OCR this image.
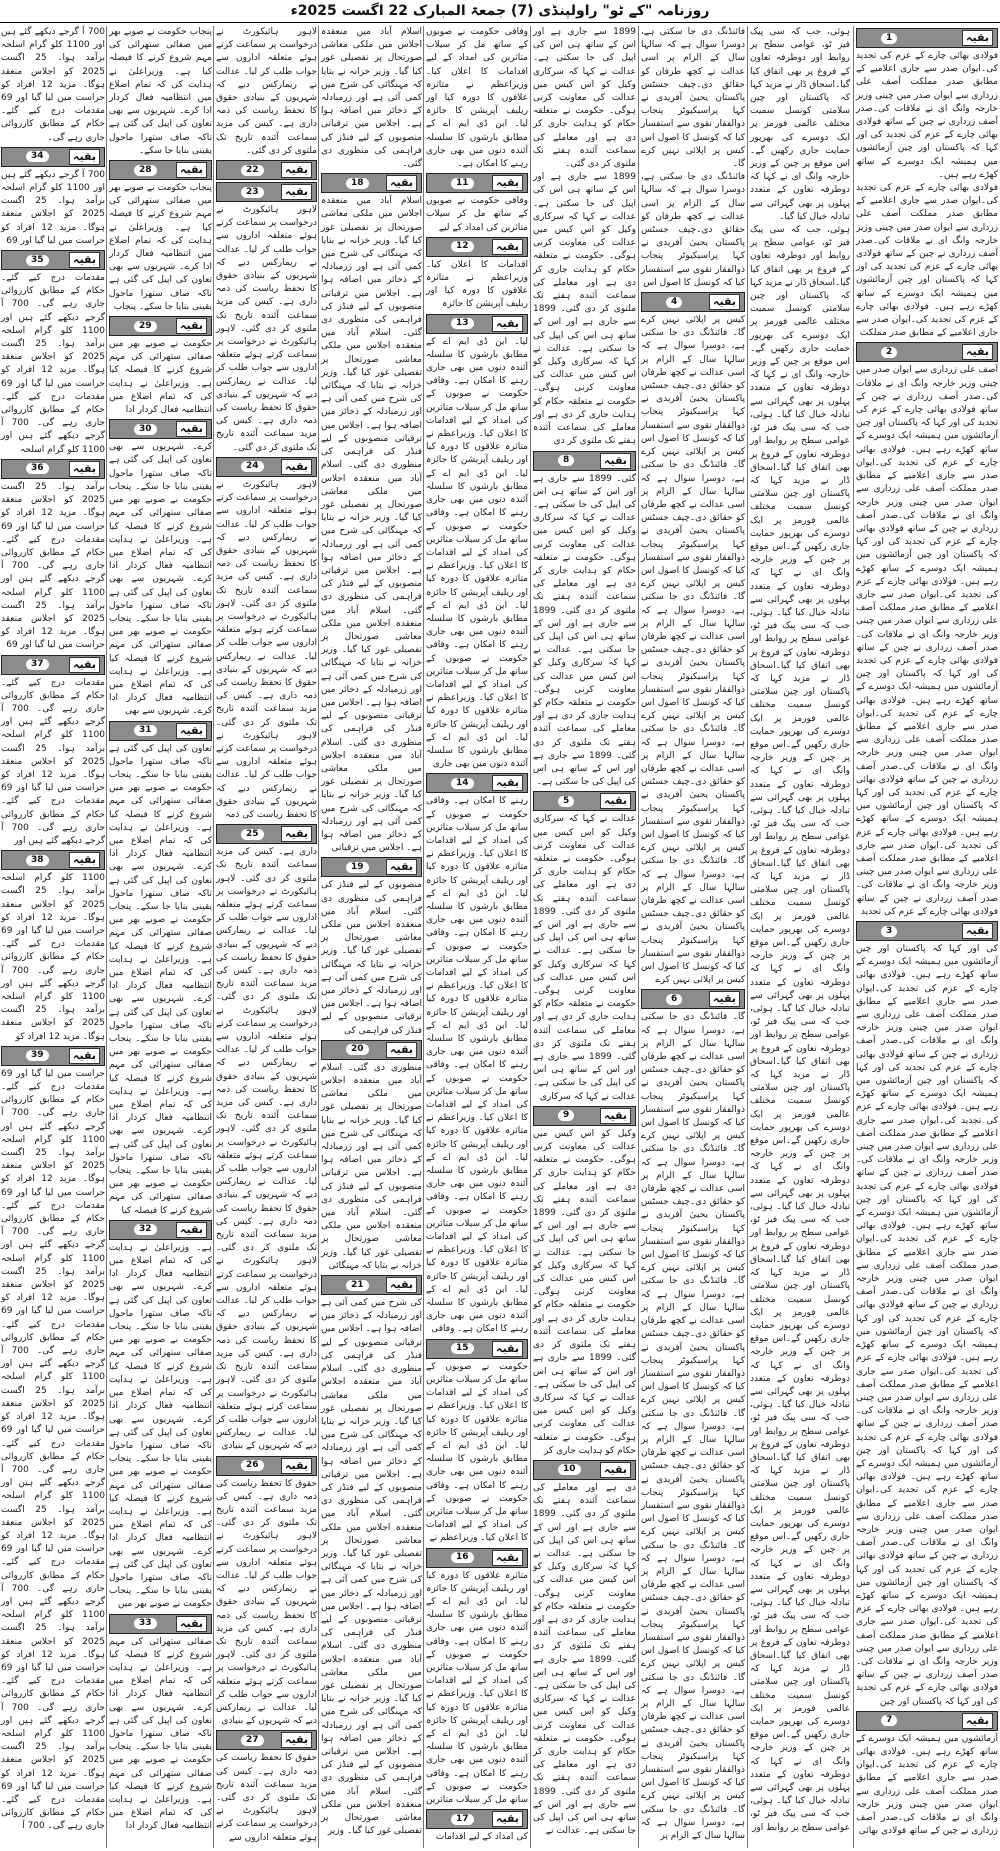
روزنامہ "کے ٹو" راولپنڈی (7) جمعۃ المبارک 22 اگست 2025ء
بقیہ
1

فولادی بھائی چارے کے عزم کی تجدید کی۔ایوان صدر سے جاری اعلامیے کے مطابق صدر مملکت آصف علی زرداری سے ایوان صدر میں چینی وزیر خارجہ وانگ ای نے ملاقات کی۔صدر آصف زرداری نے چین کے ساتھ فولادی بھائی چارے کے عزم کی تجدید کی اور کہا کہ پاکستان اور چین آزمائشوں میں ہمیشہ ایک دوسرے کے ساتھ کھڑے رہے ہیں۔

فولادی بھائی چارے کے عزم کی تجدید کی۔ایوان صدر سے جاری اعلامیے کے مطابق صدر مملکت آصف علی زرداری سے ایوان صدر میں چینی وزیر خارجہ وانگ ای نے ملاقات کی۔صدر آصف زرداری نے چین کے ساتھ فولادی بھائی چارے کے عزم کی تجدید کی اور کہا کہ پاکستان اور چین آزمائشوں میں ہمیشہ ایک دوسرے کے ساتھ کھڑے رہے ہیں۔ فولادی بھائی چارے کے عزم کی تجدید کی۔ایوان صدر سے جاری اعلامیے کے مطابق صدر مملکت

بقیہ
2

آصف علی زرداری سے ایوان صدر میں چینی وزیر خارجہ وانگ ای نے ملاقات کی۔صدر آصف زرداری نے چین کے ساتھ فولادی بھائی چارے کے عزم کی تجدید کی اور کہا کہ پاکستان اور چین آزمائشوں میں ہمیشہ ایک دوسرے کے ساتھ کھڑے رہے ہیں۔ فولادی بھائی چارے کے عزم کی تجدید کی۔ایوان صدر سے جاری اعلامیے کے مطابق صدر مملکت آصف علی زرداری سے ایوان صدر میں چینی وزیر خارجہ وانگ ای نے ملاقات کی۔صدر آصف زرداری نے چین کے ساتھ فولادی بھائی چارے کے عزم کی تجدید کی اور کہا کہ پاکستان اور چین آزمائشوں میں ہمیشہ ایک دوسرے کے ساتھ کھڑے رہے ہیں۔ فولادی بھائی چارے کے عزم کی تجدید کی۔ایوان صدر سے جاری اعلامیے کے مطابق صدر مملکت آصف علی زرداری سے ایوان صدر میں چینی وزیر خارجہ وانگ ای نے ملاقات کی۔صدر آصف زرداری نے چین کے ساتھ فولادی بھائی چارے کے عزم کی تجدید کی اور کہا کہ پاکستان اور چین آزمائشوں میں ہمیشہ ایک دوسرے کے ساتھ کھڑے رہے ہیں۔ فولادی بھائی چارے کے عزم کی تجدید کی۔ایوان صدر سے جاری اعلامیے کے مطابق صدر مملکت آصف علی زرداری سے ایوان صدر میں چینی وزیر خارجہ وانگ ای نے ملاقات کی۔صدر آصف زرداری نے چین کے ساتھ فولادی بھائی چارے کے عزم کی تجدید کی اور کہا کہ پاکستان اور چین آزمائشوں میں ہمیشہ ایک دوسرے کے ساتھ کھڑے رہے ہیں۔ فولادی بھائی چارے کے عزم کی تجدید کی۔ایوان صدر سے جاری اعلامیے کے مطابق صدر مملکت آصف علی زرداری سے ایوان صدر میں چینی وزیر خارجہ وانگ ای نے ملاقات کی۔صدر آصف زرداری نے چین کے ساتھ فولادی بھائی چارے کے عزم کی تجدید

بقیہ
3

کی اور کہا کہ پاکستان اور چین آزمائشوں میں ہمیشہ ایک دوسرے کے ساتھ کھڑے رہے ہیں۔ فولادی بھائی چارے کے عزم کی تجدید کی۔ایوان صدر سے جاری اعلامیے کے مطابق صدر مملکت آصف علی زرداری سے ایوان صدر میں چینی وزیر خارجہ وانگ ای نے ملاقات کی۔صدر آصف زرداری نے چین کے ساتھ فولادی بھائی چارے کے عزم کی تجدید کی اور کہا کہ پاکستان اور چین آزمائشوں میں ہمیشہ ایک دوسرے کے ساتھ کھڑے رہے ہیں۔ فولادی بھائی چارے کے عزم کی تجدید کی۔ایوان صدر سے جاری اعلامیے کے مطابق صدر مملکت آصف علی زرداری سے ایوان صدر میں چینی وزیر خارجہ وانگ ای نے ملاقات کی۔صدر آصف زرداری نے چین کے ساتھ فولادی بھائی چارے کے عزم کی تجدید کی اور کہا کہ پاکستان اور چین آزمائشوں میں ہمیشہ ایک دوسرے کے ساتھ کھڑے رہے ہیں۔ فولادی بھائی چارے کے عزم کی تجدید کی۔ایوان صدر سے جاری اعلامیے کے مطابق صدر مملکت آصف علی زرداری سے ایوان صدر میں چینی وزیر خارجہ وانگ ای نے ملاقات کی۔صدر آصف زرداری نے چین کے ساتھ فولادی بھائی چارے کے عزم کی تجدید کی اور کہا کہ پاکستان اور چین آزمائشوں میں ہمیشہ ایک دوسرے کے ساتھ کھڑے رہے ہیں۔ فولادی بھائی چارے کے عزم کی تجدید کی۔ایوان صدر سے جاری اعلامیے کے مطابق صدر مملکت آصف علی زرداری سے ایوان صدر میں چینی وزیر خارجہ وانگ ای نے ملاقات کی۔صدر آصف زرداری نے چین کے ساتھ فولادی بھائی چارے کے عزم کی تجدید کی اور کہا کہ پاکستان اور چین آزمائشوں میں ہمیشہ ایک دوسرے کے ساتھ کھڑے رہے ہیں۔ فولادی بھائی چارے کے عزم کی تجدید کی۔ایوان صدر سے جاری اعلامیے کے مطابق صدر مملکت آصف علی زرداری سے ایوان صدر میں چینی وزیر خارجہ وانگ ای نے ملاقات کی۔صدر آصف زرداری نے چین کے ساتھ فولادی بھائی چارے کے عزم کی تجدید کی اور کہا کہ پاکستان اور چین آزمائشوں میں ہمیشہ ایک دوسرے کے ساتھ کھڑے رہے ہیں۔ فولادی بھائی چارے کے عزم کی تجدید کی۔ایوان صدر سے جاری اعلامیے کے مطابق صدر مملکت آصف علی زرداری سے ایوان صدر میں چینی وزیر خارجہ وانگ ای نے ملاقات کی۔صدر آصف زرداری نے چین کے ساتھ فولادی بھائی چارے کے عزم کی تجدید کی اور کہا کہ پاکستان اور چین

بقیہ
7

آزمائشوں میں ہمیشہ ایک دوسرے کے ساتھ کھڑے رہے ہیں۔ فولادی بھائی چارے کے عزم کی تجدید کی۔ایوان صدر سے جاری اعلامیے کے مطابق صدر مملکت آصف علی زرداری سے ایوان صدر میں چینی وزیر خارجہ وانگ ای نے ملاقات کی۔صدر آصف زرداری نے چین کے ساتھ فولادی بھائی

ہوئی، جب کہ سی پیک فیز ٹو، عوامی سطح پر روابط اور دوطرفہ تعاون کے فروغ پر بھی اتفاق کیا گیا۔اسحاق ڈار نے مزید کہا کہ پاکستان اور چین سلامتی کونسل سمیت مختلف عالمی فورمز پر ایک دوسرے کی بھرپور حمایت جاری رکھیں گے۔اس موقع پر چین کے وزیر خارجہ وانگ ای نے کہا کہ دوطرفہ تعاون کے متعدد پہلوں پر بھی گہرائی سے تبادلہ خیال کیا گیا۔

ہوئی، جب کہ سی پیک فیز ٹو، عوامی سطح پر روابط اور دوطرفہ تعاون کے فروغ پر بھی اتفاق کیا گیا۔اسحاق ڈار نے مزید کہا کہ پاکستان اور چین سلامتی کونسل سمیت مختلف عالمی فورمز پر ایک دوسرے کی بھرپور حمایت جاری رکھیں گے۔اس موقع پر چین کے وزیر خارجہ وانگ ای نے کہا کہ دوطرفہ تعاون کے متعدد پہلوں پر بھی گہرائی سے تبادلہ خیال کیا گیا۔ ہوئی، جب کہ سی پیک فیز ٹو، عوامی سطح پر روابط اور دوطرفہ تعاون کے فروغ پر بھی اتفاق کیا گیا۔اسحاق ڈار نے مزید کہا کہ پاکستان اور چین سلامتی کونسل سمیت مختلف عالمی فورمز پر ایک دوسرے کی بھرپور حمایت جاری رکھیں گے۔اس موقع پر چین کے وزیر خارجہ وانگ ای نے کہا کہ دوطرفہ تعاون کے متعدد پہلوں پر بھی گہرائی سے تبادلہ خیال کیا گیا۔ ہوئی، جب کہ سی پیک فیز ٹو، عوامی سطح پر روابط اور دوطرفہ تعاون کے فروغ پر بھی اتفاق کیا گیا۔اسحاق ڈار نے مزید کہا کہ پاکستان اور چین سلامتی کونسل سمیت مختلف عالمی فورمز پر ایک دوسرے کی بھرپور حمایت جاری رکھیں گے۔اس موقع پر چین کے وزیر خارجہ وانگ ای نے کہا کہ دوطرفہ تعاون کے متعدد پہلوں پر بھی گہرائی سے تبادلہ خیال کیا گیا۔ ہوئی، جب کہ سی پیک فیز ٹو، عوامی سطح پر روابط اور دوطرفہ تعاون کے فروغ پر بھی اتفاق کیا گیا۔اسحاق ڈار نے مزید کہا کہ پاکستان اور چین سلامتی کونسل سمیت مختلف عالمی فورمز پر ایک دوسرے کی بھرپور حمایت جاری رکھیں گے۔اس موقع پر چین کے وزیر خارجہ وانگ ای نے کہا کہ دوطرفہ تعاون کے متعدد پہلوں پر بھی گہرائی سے تبادلہ خیال کیا گیا۔ ہوئی، جب کہ سی پیک فیز ٹو، عوامی سطح پر روابط اور دوطرفہ تعاون کے فروغ پر بھی اتفاق کیا گیا۔اسحاق ڈار نے مزید کہا کہ پاکستان اور چین سلامتی کونسل سمیت مختلف عالمی فورمز پر ایک دوسرے کی بھرپور حمایت جاری رکھیں گے۔اس موقع پر چین کے وزیر خارجہ وانگ ای نے کہا کہ دوطرفہ تعاون کے متعدد پہلوں پر بھی گہرائی سے تبادلہ خیال کیا گیا۔ ہوئی، جب کہ سی پیک فیز ٹو، عوامی سطح پر روابط اور دوطرفہ تعاون کے فروغ پر بھی اتفاق کیا گیا۔اسحاق ڈار نے مزید کہا کہ پاکستان اور چین سلامتی کونسل سمیت مختلف عالمی فورمز پر ایک دوسرے کی بھرپور حمایت جاری رکھیں گے۔اس موقع پر چین کے وزیر خارجہ وانگ ای نے کہا کہ دوطرفہ تعاون کے متعدد پہلوں پر بھی گہرائی سے تبادلہ خیال کیا گیا۔ ہوئی، جب کہ سی پیک فیز ٹو، عوامی سطح پر روابط اور دوطرفہ تعاون کے فروغ پر بھی اتفاق کیا گیا۔اسحاق ڈار نے مزید کہا کہ پاکستان اور چین سلامتی کونسل سمیت مختلف عالمی فورمز پر ایک دوسرے کی بھرپور حمایت جاری رکھیں گے۔اس موقع پر چین کے وزیر خارجہ وانگ ای نے کہا کہ دوطرفہ تعاون کے متعدد پہلوں پر بھی گہرائی سے تبادلہ خیال کیا گیا۔ ہوئی، جب کہ سی پیک فیز ٹو، عوامی سطح پر روابط اور دوطرفہ تعاون کے فروغ پر بھی اتفاق کیا گیا۔اسحاق ڈار نے مزید کہا کہ پاکستان اور چین سلامتی کونسل سمیت مختلف عالمی فورمز پر ایک دوسرے کی بھرپور حمایت جاری رکھیں گے۔اس موقع پر چین کے وزیر خارجہ وانگ ای نے کہا کہ دوطرفہ تعاون کے متعدد پہلوں پر بھی گہرائی سے تبادلہ خیال کیا گیا۔ ہوئی، جب کہ سی پیک فیز ٹو، عوامی سطح پر روابط اور

فائنڈنگ دی جا سکتی ہے، دوسرا سوال ہے کہ سالہا سال کے الزام پر اسی عدالت نے کچھ طرفان کو حقائق دی۔چیف جسٹس پاکستان یحییٰ آفریدی نے کہا پراسیکیوٹر پنجاب ذوالفقار نقوی سے استفسار کیا کہ کونسل کا اصول اس کیس پر اپلائی نہیں کرے گا۔

فائنڈنگ دی جا سکتی ہے، دوسرا سوال ہے کہ سالہا سال کے الزام پر اسی عدالت نے کچھ طرفان کو حقائق دی۔چیف جسٹس پاکستان یحییٰ آفریدی نے کہا پراسیکیوٹر پنجاب ذوالفقار نقوی سے استفسار کیا کہ کونسل کا اصول اس

بقیہ
4

کیس پر اپلائی نہیں کرے گا۔ فائنڈنگ دی جا سکتی ہے، دوسرا سوال ہے کہ سالہا سال کے الزام پر اسی عدالت نے کچھ طرفان کو حقائق دی۔چیف جسٹس پاکستان یحییٰ آفریدی نے کہا پراسیکیوٹر پنجاب ذوالفقار نقوی سے استفسار کیا کہ کونسل کا اصول اس کیس پر اپلائی نہیں کرے گا۔ فائنڈنگ دی جا سکتی ہے، دوسرا سوال ہے کہ سالہا سال کے الزام پر اسی عدالت نے کچھ طرفان کو حقائق دی۔چیف جسٹس پاکستان یحییٰ آفریدی نے کہا پراسیکیوٹر پنجاب ذوالفقار نقوی سے استفسار کیا کہ کونسل کا اصول اس کیس پر اپلائی نہیں کرے گا۔ فائنڈنگ دی جا سکتی ہے، دوسرا سوال ہے کہ سالہا سال کے الزام پر اسی عدالت نے کچھ طرفان کو حقائق دی۔چیف جسٹس پاکستان یحییٰ آفریدی نے کہا پراسیکیوٹر پنجاب ذوالفقار نقوی سے استفسار کیا کہ کونسل کا اصول اس کیس پر اپلائی نہیں کرے گا۔ فائنڈنگ دی جا سکتی ہے، دوسرا سوال ہے کہ سالہا سال کے الزام پر اسی عدالت نے کچھ طرفان کو حقائق دی۔چیف جسٹس پاکستان یحییٰ آفریدی نے کہا پراسیکیوٹر پنجاب ذوالفقار نقوی سے استفسار کیا کہ کونسل کا اصول اس کیس پر اپلائی نہیں کرے گا۔ فائنڈنگ دی جا سکتی ہے، دوسرا سوال ہے کہ سالہا سال کے الزام پر اسی عدالت نے کچھ طرفان کو حقائق دی۔چیف جسٹس پاکستان یحییٰ آفریدی نے کہا پراسیکیوٹر پنجاب ذوالفقار نقوی سے استفسار کیا کہ کونسل کا اصول اس کیس پر اپلائی نہیں کرے

بقیہ
6

گا۔ فائنڈنگ دی جا سکتی ہے، دوسرا سوال ہے کہ سالہا سال کے الزام پر اسی عدالت نے کچھ طرفان کو حقائق دی۔چیف جسٹس پاکستان یحییٰ آفریدی نے کہا پراسیکیوٹر پنجاب ذوالفقار نقوی سے استفسار کیا کہ کونسل کا اصول اس کیس پر اپلائی نہیں کرے گا۔ فائنڈنگ دی جا سکتی ہے، دوسرا سوال ہے کہ سالہا سال کے الزام پر اسی عدالت نے کچھ طرفان کو حقائق دی۔چیف جسٹس پاکستان یحییٰ آفریدی نے کہا پراسیکیوٹر پنجاب ذوالفقار نقوی سے استفسار کیا کہ کونسل کا اصول اس کیس پر اپلائی نہیں کرے گا۔ فائنڈنگ دی جا سکتی ہے، دوسرا سوال ہے کہ سالہا سال کے الزام پر اسی عدالت نے کچھ طرفان کو حقائق دی۔چیف جسٹس پاکستان یحییٰ آفریدی نے کہا پراسیکیوٹر پنجاب ذوالفقار نقوی سے استفسار کیا کہ کونسل کا اصول اس کیس پر اپلائی نہیں کرے گا۔ فائنڈنگ دی جا سکتی ہے، دوسرا سوال ہے کہ سالہا سال کے الزام پر اسی عدالت نے کچھ طرفان کو حقائق دی۔چیف جسٹس پاکستان یحییٰ آفریدی نے کہا پراسیکیوٹر پنجاب ذوالفقار نقوی سے استفسار کیا کہ کونسل کا اصول اس کیس پر اپلائی نہیں کرے گا۔ فائنڈنگ دی جا سکتی ہے، دوسرا سوال ہے کہ سالہا سال کے الزام پر اسی عدالت نے کچھ طرفان کو حقائق دی۔چیف جسٹس پاکستان یحییٰ آفریدی نے کہا پراسیکیوٹر پنجاب ذوالفقار نقوی سے استفسار کیا کہ کونسل کا اصول اس کیس پر اپلائی نہیں کرے گا۔ فائنڈنگ دی جا سکتی ہے، دوسرا سوال ہے کہ سالہا سال کے الزام پر اسی عدالت نے کچھ طرفان کو حقائق دی۔چیف جسٹس پاکستان یحییٰ آفریدی نے کہا پراسیکیوٹر پنجاب ذوالفقار نقوی سے استفسار کیا کہ کونسل کا اصول اس کیس پر اپلائی نہیں کرے گا۔ فائنڈنگ دی جا سکتی ہے، دوسرا سوال ہے کہ سالہا سال کے الزام پر

1899 سے جاری ہے اور اس کے ساتھ ہی اس کی اپیل کی جا سکتی ہے۔ عدالت نے کہا کہ سرکاری وکیل کو اس کیس میں عدالت کی معاونت کرنی ہوگی۔ حکومت نے متعلقہ حکام کو ہدایت جاری کر دی ہے اور معاملے کی سماعت آئندہ ہفتے تک ملتوی کر دی گئی۔

1899 سے جاری ہے اور اس کے ساتھ ہی اس کی اپیل کی جا سکتی ہے۔ عدالت نے کہا کہ سرکاری وکیل کو اس کیس میں عدالت کی معاونت کرنی ہوگی۔ حکومت نے متعلقہ حکام کو ہدایت جاری کر دی ہے اور معاملے کی سماعت آئندہ ہفتے تک ملتوی کر دی گئی۔ 1899 سے جاری ہے اور اس کے ساتھ ہی اس کی اپیل کی جا سکتی ہے۔ عدالت نے کہا کہ سرکاری وکیل کو اس کیس میں عدالت کی معاونت کرنی ہوگی۔ حکومت نے متعلقہ حکام کو ہدایت جاری کر دی ہے اور معاملے کی سماعت آئندہ ہفتے تک ملتوی کر دی

بقیہ
8

گئی۔ 1899 سے جاری ہے اور اس کے ساتھ ہی اس کی اپیل کی جا سکتی ہے۔ عدالت نے کہا کہ سرکاری وکیل کو اس کیس میں عدالت کی معاونت کرنی ہوگی۔ حکومت نے متعلقہ حکام کو ہدایت جاری کر دی ہے اور معاملے کی سماعت آئندہ ہفتے تک ملتوی کر دی گئی۔ 1899 سے جاری ہے اور اس کے ساتھ ہی اس کی اپیل کی جا سکتی ہے۔ عدالت نے کہا کہ سرکاری وکیل کو اس کیس میں عدالت کی معاونت کرنی ہوگی۔ حکومت نے متعلقہ حکام کو ہدایت جاری کر دی ہے اور معاملے کی سماعت آئندہ ہفتے تک ملتوی کر دی گئی۔ 1899 سے جاری ہے اور اس کے ساتھ ہی اس کی اپیل کی جا سکتی ہے۔

بقیہ
5

عدالت نے کہا کہ سرکاری وکیل کو اس کیس میں عدالت کی معاونت کرنی ہوگی۔ حکومت نے متعلقہ حکام کو ہدایت جاری کر دی ہے اور معاملے کی سماعت آئندہ ہفتے تک ملتوی کر دی گئی۔ 1899 سے جاری ہے اور اس کے ساتھ ہی اس کی اپیل کی جا سکتی ہے۔ عدالت نے کہا کہ سرکاری وکیل کو اس کیس میں عدالت کی معاونت کرنی ہوگی۔ حکومت نے متعلقہ حکام کو ہدایت جاری کر دی ہے اور معاملے کی سماعت آئندہ ہفتے تک ملتوی کر دی گئی۔ 1899 سے جاری ہے اور اس کے ساتھ ہی اس کی اپیل کی جا سکتی ہے۔ عدالت نے کہا کہ سرکاری

بقیہ
9

وکیل کو اس کیس میں عدالت کی معاونت کرنی ہوگی۔ حکومت نے متعلقہ حکام کو ہدایت جاری کر دی ہے اور معاملے کی سماعت آئندہ ہفتے تک ملتوی کر دی گئی۔ 1899 سے جاری ہے اور اس کے ساتھ ہی اس کی اپیل کی جا سکتی ہے۔ عدالت نے کہا کہ سرکاری وکیل کو اس کیس میں عدالت کی معاونت کرنی ہوگی۔ حکومت نے متعلقہ حکام کو ہدایت جاری کر دی ہے اور معاملے کی سماعت آئندہ ہفتے تک ملتوی کر دی گئی۔ 1899 سے جاری ہے اور اس کے ساتھ ہی اس کی اپیل کی جا سکتی ہے۔ عدالت نے کہا کہ سرکاری وکیل کو اس کیس میں عدالت کی معاونت کرنی ہوگی۔ حکومت نے متعلقہ حکام کو ہدایت جاری کر

بقیہ
10

دی ہے اور معاملے کی سماعت آئندہ ہفتے تک ملتوی کر دی گئی۔ 1899 سے جاری ہے اور اس کے ساتھ ہی اس کی اپیل کی جا سکتی ہے۔ عدالت نے کہا کہ سرکاری وکیل کو اس کیس میں عدالت کی معاونت کرنی ہوگی۔ حکومت نے متعلقہ حکام کو ہدایت جاری کر دی ہے اور معاملے کی سماعت آئندہ ہفتے تک ملتوی کر دی گئی۔ 1899 سے جاری ہے اور اس کے ساتھ ہی اس کی اپیل کی جا سکتی ہے۔ عدالت نے کہا کہ سرکاری وکیل کو اس کیس میں عدالت کی معاونت کرنی ہوگی۔ حکومت نے متعلقہ حکام کو ہدایت جاری کر دی ہے اور معاملے کی سماعت آئندہ ہفتے تک ملتوی کر دی گئی۔ 1899 سے جاری ہے اور اس کے ساتھ ہی اس کی اپیل کی جا سکتی ہے۔ عدالت نے

وفاقی حکومت نے صوبوں کے ساتھ مل کر سیلاب متاثرین کی امداد کے لیے اقدامات کا اعلان کیا۔ وزیراعظم نے متاثرہ علاقوں کا دورہ کیا اور ریلیف آپریشن کا جائزہ لیا۔ این ڈی ایم اے کے مطابق بارشوں کا سلسلہ آئندہ دنوں میں بھی جاری رہنے کا امکان ہے۔

بقیہ
11

وفاقی حکومت نے صوبوں کے ساتھ مل کر سیلاب متاثرین کی امداد کے لیے

بقیہ
12

اقدامات کا اعلان کیا۔ وزیراعظم نے متاثرہ علاقوں کا دورہ کیا اور ریلیف آپریشن کا جائزہ

بقیہ
13

لیا۔ این ڈی ایم اے کے مطابق بارشوں کا سلسلہ آئندہ دنوں میں بھی جاری رہنے کا امکان ہے۔ وفاقی حکومت نے صوبوں کے ساتھ مل کر سیلاب متاثرین کی امداد کے لیے اقدامات کا اعلان کیا۔ وزیراعظم نے متاثرہ علاقوں کا دورہ کیا اور ریلیف آپریشن کا جائزہ لیا۔ این ڈی ایم اے کے مطابق بارشوں کا سلسلہ آئندہ دنوں میں بھی جاری رہنے کا امکان ہے۔ وفاقی حکومت نے صوبوں کے ساتھ مل کر سیلاب متاثرین کی امداد کے لیے اقدامات کا اعلان کیا۔ وزیراعظم نے متاثرہ علاقوں کا دورہ کیا اور ریلیف آپریشن کا جائزہ لیا۔ این ڈی ایم اے کے مطابق بارشوں کا سلسلہ آئندہ دنوں میں بھی جاری رہنے کا امکان ہے۔ وفاقی حکومت نے صوبوں کے ساتھ مل کر سیلاب متاثرین کی امداد کے لیے اقدامات کا اعلان کیا۔ وزیراعظم نے متاثرہ علاقوں کا دورہ کیا اور ریلیف آپریشن کا جائزہ لیا۔ این ڈی ایم اے کے مطابق بارشوں کا سلسلہ آئندہ دنوں میں بھی جاری

بقیہ
14

رہنے کا امکان ہے۔ وفاقی حکومت نے صوبوں کے ساتھ مل کر سیلاب متاثرین کی امداد کے لیے اقدامات کا اعلان کیا۔ وزیراعظم نے متاثرہ علاقوں کا دورہ کیا اور ریلیف آپریشن کا جائزہ لیا۔ این ڈی ایم اے کے مطابق بارشوں کا سلسلہ آئندہ دنوں میں بھی جاری رہنے کا امکان ہے۔ وفاقی حکومت نے صوبوں کے ساتھ مل کر سیلاب متاثرین کی امداد کے لیے اقدامات کا اعلان کیا۔ وزیراعظم نے متاثرہ علاقوں کا دورہ کیا اور ریلیف آپریشن کا جائزہ لیا۔ این ڈی ایم اے کے مطابق بارشوں کا سلسلہ آئندہ دنوں میں بھی جاری رہنے کا امکان ہے۔ وفاقی حکومت نے صوبوں کے ساتھ مل کر سیلاب متاثرین کی امداد کے لیے اقدامات کا اعلان کیا۔ وزیراعظم نے متاثرہ علاقوں کا دورہ کیا اور ریلیف آپریشن کا جائزہ لیا۔ این ڈی ایم اے کے مطابق بارشوں کا سلسلہ آئندہ دنوں میں بھی جاری رہنے کا امکان ہے۔ وفاقی حکومت نے صوبوں کے ساتھ مل کر سیلاب متاثرین کی امداد کے لیے اقدامات کا اعلان کیا۔ وزیراعظم نے متاثرہ علاقوں کا دورہ کیا اور ریلیف آپریشن کا جائزہ لیا۔ این ڈی ایم اے کے مطابق بارشوں کا سلسلہ آئندہ دنوں میں بھی جاری رہنے کا امکان ہے۔ وفاقی

بقیہ
15

حکومت نے صوبوں کے ساتھ مل کر سیلاب متاثرین کی امداد کے لیے اقدامات کا اعلان کیا۔ وزیراعظم نے متاثرہ علاقوں کا دورہ کیا اور ریلیف آپریشن کا جائزہ لیا۔ این ڈی ایم اے کے مطابق بارشوں کا سلسلہ آئندہ دنوں میں بھی جاری رہنے کا امکان ہے۔ وفاقی حکومت نے صوبوں کے ساتھ مل کر سیلاب متاثرین کی امداد کے لیے اقدامات کا اعلان کیا۔ وزیراعظم نے

بقیہ
16

متاثرہ علاقوں کا دورہ کیا اور ریلیف آپریشن کا جائزہ لیا۔ این ڈی ایم اے کے مطابق بارشوں کا سلسلہ آئندہ دنوں میں بھی جاری رہنے کا امکان ہے۔ وفاقی حکومت نے صوبوں کے ساتھ مل کر سیلاب متاثرین کی امداد کے لیے اقدامات کا اعلان کیا۔ وزیراعظم نے متاثرہ علاقوں کا دورہ کیا اور ریلیف آپریشن کا جائزہ لیا۔ این ڈی ایم اے کے مطابق بارشوں کا سلسلہ آئندہ دنوں میں بھی جاری رہنے کا امکان ہے۔ وفاقی حکومت نے صوبوں کے ساتھ مل کر سیلاب متاثرین

بقیہ
17

کی امداد کے لیے اقدامات

اسلام آباد میں منعقدہ اجلاس میں ملکی معاشی صورتحال پر تفصیلی غور کیا گیا۔ وزیر خزانہ نے بتایا کہ مہنگائی کی شرح میں کمی آئی ہے اور زرمبادلہ کے ذخائر میں اضافہ ہوا ہے۔ اجلاس میں ترقیاتی منصوبوں کے لیے فنڈز کی فراہمی کی منظوری دی گئی۔

بقیہ
18

اسلام آباد میں منعقدہ اجلاس میں ملکی معاشی صورتحال پر تفصیلی غور کیا گیا۔ وزیر خزانہ نے بتایا کہ مہنگائی کی شرح میں کمی آئی ہے اور زرمبادلہ کے ذخائر میں اضافہ ہوا ہے۔ اجلاس میں ترقیاتی منصوبوں کے لیے فنڈز کی فراہمی کی منظوری دی گئی۔ اسلام آباد میں منعقدہ اجلاس میں ملکی معاشی صورتحال پر تفصیلی غور کیا گیا۔ وزیر خزانہ نے بتایا کہ مہنگائی کی شرح میں کمی آئی ہے اور زرمبادلہ کے ذخائر میں اضافہ ہوا ہے۔ اجلاس میں ترقیاتی منصوبوں کے لیے فنڈز کی فراہمی کی منظوری دی گئی۔ اسلام آباد میں منعقدہ اجلاس میں ملکی معاشی صورتحال پر تفصیلی غور کیا گیا۔ وزیر خزانہ نے بتایا کہ مہنگائی کی شرح میں کمی آئی ہے اور زرمبادلہ کے ذخائر میں اضافہ ہوا ہے۔ اجلاس میں ترقیاتی منصوبوں کے لیے فنڈز کی فراہمی کی منظوری دی گئی۔ اسلام آباد میں منعقدہ اجلاس میں ملکی معاشی صورتحال پر تفصیلی غور کیا گیا۔ وزیر خزانہ نے بتایا کہ مہنگائی کی شرح میں کمی آئی ہے اور زرمبادلہ کے ذخائر میں اضافہ ہوا ہے۔ اجلاس میں ترقیاتی منصوبوں کے لیے فنڈز کی فراہمی کی منظوری دی گئی۔ اسلام آباد میں منعقدہ اجلاس میں ملکی معاشی صورتحال پر تفصیلی غور کیا گیا۔ وزیر خزانہ نے بتایا کہ مہنگائی کی شرح میں کمی آئی ہے اور زرمبادلہ کے ذخائر میں اضافہ ہوا ہے۔ اجلاس میں ترقیاتی

بقیہ
19

منصوبوں کے لیے فنڈز کی فراہمی کی منظوری دی گئی۔ اسلام آباد میں منعقدہ اجلاس میں ملکی معاشی صورتحال پر تفصیلی غور کیا گیا۔ وزیر خزانہ نے بتایا کہ مہنگائی کی شرح میں کمی آئی ہے اور زرمبادلہ کے ذخائر میں اضافہ ہوا ہے۔ اجلاس میں ترقیاتی منصوبوں کے لیے فنڈز کی فراہمی کی

بقیہ
20

منظوری دی گئی۔ اسلام آباد میں منعقدہ اجلاس میں ملکی معاشی صورتحال پر تفصیلی غور کیا گیا۔ وزیر خزانہ نے بتایا کہ مہنگائی کی شرح میں کمی آئی ہے اور زرمبادلہ کے ذخائر میں اضافہ ہوا ہے۔ اجلاس میں ترقیاتی منصوبوں کے لیے فنڈز کی فراہمی کی منظوری دی گئی۔ اسلام آباد میں منعقدہ اجلاس میں ملکی معاشی صورتحال پر تفصیلی غور کیا گیا۔ وزیر خزانہ نے بتایا کہ مہنگائی

بقیہ
21

کی شرح میں کمی آئی ہے اور زرمبادلہ کے ذخائر میں اضافہ ہوا ہے۔ اجلاس میں ترقیاتی منصوبوں کے لیے فنڈز کی فراہمی کی منظوری دی گئی۔ اسلام آباد میں منعقدہ اجلاس میں ملکی معاشی صورتحال پر تفصیلی غور کیا گیا۔ وزیر خزانہ نے بتایا کہ مہنگائی کی شرح میں کمی آئی ہے اور زرمبادلہ کے ذخائر میں اضافہ ہوا ہے۔ اجلاس میں ترقیاتی منصوبوں کے لیے فنڈز کی فراہمی کی منظوری دی گئی۔ اسلام آباد میں منعقدہ اجلاس میں ملکی معاشی صورتحال پر تفصیلی غور کیا گیا۔ وزیر خزانہ نے بتایا کہ مہنگائی کی شرح میں کمی آئی ہے اور زرمبادلہ کے ذخائر میں اضافہ ہوا ہے۔ اجلاس میں ترقیاتی منصوبوں کے لیے فنڈز کی فراہمی کی منظوری دی گئی۔ اسلام آباد میں منعقدہ اجلاس میں ملکی معاشی صورتحال پر تفصیلی غور کیا گیا۔ وزیر خزانہ نے بتایا کہ مہنگائی کی شرح میں کمی آئی ہے اور زرمبادلہ کے ذخائر میں اضافہ ہوا ہے۔ اجلاس میں ترقیاتی منصوبوں کے لیے فنڈز کی فراہمی کی منظوری دی گئی۔ اسلام آباد میں منعقدہ اجلاس میں ملکی معاشی صورتحال پر تفصیلی غور کیا گیا۔ وزیر

لاہور ہائیکورٹ نے درخواست پر سماعت کرتے ہوئے متعلقہ اداروں سے جواب طلب کر لیا۔ عدالت نے ریمارکس دیے کہ شہریوں کے بنیادی حقوق کا تحفظ ریاست کی ذمہ داری ہے۔ کیس کی مزید سماعت آئندہ تاریخ تک ملتوی کر دی گئی۔

بقیہ
22
بقیہ
23

لاہور ہائیکورٹ نے درخواست پر سماعت کرتے ہوئے متعلقہ اداروں سے جواب طلب کر لیا۔ عدالت نے ریمارکس دیے کہ شہریوں کے بنیادی حقوق کا تحفظ ریاست کی ذمہ داری ہے۔ کیس کی مزید سماعت آئندہ تاریخ تک ملتوی کر دی گئی۔ لاہور ہائیکورٹ نے درخواست پر سماعت کرتے ہوئے متعلقہ اداروں سے جواب طلب کر لیا۔ عدالت نے ریمارکس دیے کہ شہریوں کے بنیادی حقوق کا تحفظ ریاست کی ذمہ داری ہے۔ کیس کی مزید سماعت آئندہ تاریخ تک ملتوی کر دی گئی۔

بقیہ
24

لاہور ہائیکورٹ نے درخواست پر سماعت کرتے ہوئے متعلقہ اداروں سے جواب طلب کر لیا۔ عدالت نے ریمارکس دیے کہ شہریوں کے بنیادی حقوق کا تحفظ ریاست کی ذمہ داری ہے۔ کیس کی مزید سماعت آئندہ تاریخ تک ملتوی کر دی گئی۔ لاہور ہائیکورٹ نے درخواست پر سماعت کرتے ہوئے متعلقہ اداروں سے جواب طلب کر لیا۔ عدالت نے ریمارکس دیے کہ شہریوں کے بنیادی حقوق کا تحفظ ریاست کی ذمہ داری ہے۔ کیس کی مزید سماعت آئندہ تاریخ تک ملتوی کر دی گئی۔ لاہور ہائیکورٹ نے درخواست پر سماعت کرتے ہوئے متعلقہ اداروں سے جواب طلب کر لیا۔ عدالت نے ریمارکس دیے کہ شہریوں کے بنیادی حقوق کا تحفظ ریاست کی ذمہ

بقیہ
25

داری ہے۔ کیس کی مزید سماعت آئندہ تاریخ تک ملتوی کر دی گئی۔ لاہور ہائیکورٹ نے درخواست پر سماعت کرتے ہوئے متعلقہ اداروں سے جواب طلب کر لیا۔ عدالت نے ریمارکس دیے کہ شہریوں کے بنیادی حقوق کا تحفظ ریاست کی ذمہ داری ہے۔ کیس کی مزید سماعت آئندہ تاریخ تک ملتوی کر دی گئی۔ لاہور ہائیکورٹ نے درخواست پر سماعت کرتے ہوئے متعلقہ اداروں سے جواب طلب کر لیا۔ عدالت نے ریمارکس دیے کہ شہریوں کے بنیادی حقوق کا تحفظ ریاست کی ذمہ داری ہے۔ کیس کی مزید سماعت آئندہ تاریخ تک ملتوی کر دی گئی۔ لاہور ہائیکورٹ نے درخواست پر سماعت کرتے ہوئے متعلقہ اداروں سے جواب طلب کر لیا۔ عدالت نے ریمارکس دیے کہ شہریوں کے بنیادی حقوق کا تحفظ ریاست کی ذمہ داری ہے۔ کیس کی مزید سماعت آئندہ تاریخ تک ملتوی کر دی گئی۔ لاہور ہائیکورٹ نے درخواست پر سماعت کرتے ہوئے متعلقہ اداروں سے جواب طلب کر لیا۔ عدالت نے ریمارکس دیے کہ شہریوں کے بنیادی حقوق کا تحفظ ریاست کی ذمہ داری ہے۔ کیس کی مزید سماعت آئندہ تاریخ تک ملتوی کر دی گئی۔ لاہور ہائیکورٹ نے درخواست پر سماعت کرتے ہوئے متعلقہ اداروں سے جواب طلب کر لیا۔ عدالت نے ریمارکس دیے کہ شہریوں کے بنیادی

بقیہ
26

حقوق کا تحفظ ریاست کی ذمہ داری ہے۔ کیس کی مزید سماعت آئندہ تاریخ تک ملتوی کر دی گئی۔ لاہور ہائیکورٹ نے درخواست پر سماعت کرتے ہوئے متعلقہ اداروں سے جواب طلب کر لیا۔ عدالت نے ریمارکس دیے کہ شہریوں کے بنیادی حقوق کا تحفظ ریاست کی ذمہ داری ہے۔ کیس کی مزید سماعت آئندہ تاریخ تک ملتوی کر دی گئی۔ لاہور ہائیکورٹ نے درخواست پر سماعت کرتے ہوئے متعلقہ اداروں سے جواب طلب کر لیا۔ عدالت نے ریمارکس دیے کہ شہریوں کے بنیادی

بقیہ
27

حقوق کا تحفظ ریاست کی ذمہ داری ہے۔ کیس کی مزید سماعت آئندہ تاریخ تک ملتوی کر دی گئی۔ لاہور ہائیکورٹ نے درخواست پر سماعت کرتے ہوئے متعلقہ اداروں سے

پنجاب حکومت نے صوبے بھر میں صفائی ستھرائی کی مہم شروع کرنے کا فیصلہ کیا ہے۔ وزیراعلیٰ نے ہدایت کی کہ تمام اضلاع میں انتظامیہ فعال کردار ادا کرے۔ شہریوں سے بھی تعاون کی اپیل کی گئی ہے تاکہ صاف ستھرا ماحول یقینی بنایا جا سکے۔

بقیہ
28

پنجاب حکومت نے صوبے بھر میں صفائی ستھرائی کی مہم شروع کرنے کا فیصلہ کیا ہے۔ وزیراعلیٰ نے ہدایت کی کہ تمام اضلاع میں انتظامیہ فعال کردار ادا کرے۔ شہریوں سے بھی تعاون کی اپیل کی گئی ہے تاکہ صاف ستھرا ماحول یقینی بنایا جا سکے۔ پنجاب

بقیہ
29

حکومت نے صوبے بھر میں صفائی ستھرائی کی مہم شروع کرنے کا فیصلہ کیا ہے۔ وزیراعلیٰ نے ہدایت کی کہ تمام اضلاع میں انتظامیہ فعال کردار ادا

بقیہ
30

کرے۔ شہریوں سے بھی تعاون کی اپیل کی گئی ہے تاکہ صاف ستھرا ماحول یقینی بنایا جا سکے۔ پنجاب حکومت نے صوبے بھر میں صفائی ستھرائی کی مہم شروع کرنے کا فیصلہ کیا ہے۔ وزیراعلیٰ نے ہدایت کی کہ تمام اضلاع میں انتظامیہ فعال کردار ادا کرے۔ شہریوں سے بھی تعاون کی اپیل کی گئی ہے تاکہ صاف ستھرا ماحول یقینی بنایا جا سکے۔ پنجاب حکومت نے صوبے بھر میں صفائی ستھرائی کی مہم شروع کرنے کا فیصلہ کیا ہے۔ وزیراعلیٰ نے ہدایت کی کہ تمام اضلاع میں انتظامیہ فعال کردار ادا کرے۔ شہریوں سے بھی

بقیہ
31

تعاون کی اپیل کی گئی ہے تاکہ صاف ستھرا ماحول یقینی بنایا جا سکے۔ پنجاب حکومت نے صوبے بھر میں صفائی ستھرائی کی مہم شروع کرنے کا فیصلہ کیا ہے۔ وزیراعلیٰ نے ہدایت کی کہ تمام اضلاع میں انتظامیہ فعال کردار ادا کرے۔ شہریوں سے بھی تعاون کی اپیل کی گئی ہے تاکہ صاف ستھرا ماحول یقینی بنایا جا سکے۔ پنجاب حکومت نے صوبے بھر میں صفائی ستھرائی کی مہم شروع کرنے کا فیصلہ کیا ہے۔ وزیراعلیٰ نے ہدایت کی کہ تمام اضلاع میں انتظامیہ فعال کردار ادا کرے۔ شہریوں سے بھی تعاون کی اپیل کی گئی ہے تاکہ صاف ستھرا ماحول یقینی بنایا جا سکے۔ پنجاب حکومت نے صوبے بھر میں صفائی ستھرائی کی مہم شروع کرنے کا فیصلہ کیا ہے۔ وزیراعلیٰ نے ہدایت کی کہ تمام اضلاع میں انتظامیہ فعال کردار ادا کرے۔ شہریوں سے بھی تعاون کی اپیل کی گئی ہے تاکہ صاف ستھرا ماحول یقینی بنایا جا سکے۔ پنجاب حکومت نے صوبے بھر میں صفائی ستھرائی کی مہم شروع کرنے کا فیصلہ کیا

بقیہ
32

ہے۔ وزیراعلیٰ نے ہدایت کی کہ تمام اضلاع میں انتظامیہ فعال کردار ادا کرے۔ شہریوں سے بھی تعاون کی اپیل کی گئی ہے تاکہ صاف ستھرا ماحول یقینی بنایا جا سکے۔ پنجاب حکومت نے صوبے بھر میں صفائی ستھرائی کی مہم شروع کرنے کا فیصلہ کیا ہے۔ وزیراعلیٰ نے ہدایت کی کہ تمام اضلاع میں انتظامیہ فعال کردار ادا کرے۔ شہریوں سے بھی تعاون کی اپیل کی گئی ہے تاکہ صاف ستھرا ماحول یقینی بنایا جا سکے۔ پنجاب حکومت نے صوبے بھر میں صفائی ستھرائی کی مہم شروع کرنے کا فیصلہ کیا ہے۔ وزیراعلیٰ نے ہدایت کی کہ تمام اضلاع میں انتظامیہ فعال کردار ادا کرے۔ شہریوں سے بھی تعاون کی اپیل کی گئی ہے تاکہ صاف ستھرا ماحول یقینی بنایا جا سکے۔ پنجاب حکومت نے صوبے بھر میں

بقیہ
33

صفائی ستھرائی کی مہم شروع کرنے کا فیصلہ کیا ہے۔ وزیراعلیٰ نے ہدایت کی کہ تمام اضلاع میں انتظامیہ فعال کردار ادا کرے۔ شہریوں سے بھی تعاون کی اپیل کی گئی ہے تاکہ صاف ستھرا ماحول یقینی بنایا جا سکے۔ پنجاب حکومت نے صوبے بھر میں صفائی ستھرائی کی مہم شروع کرنے کا فیصلہ کیا ہے۔ وزیراعلیٰ نے ہدایت کی کہ تمام اضلاع میں انتظامیہ فعال کردار ادا

700 آ گرجے دیکھے گئے ہیں اور 1100 کلو گرام اسلحہ برآمد ہوا۔ 25 اگست 2025 کو اجلاس منعقد ہوگا۔ مزید 12 افراد کو حراست میں لیا گیا اور 69 مقدمات درج کیے گئے۔ حکام کے مطابق کارروائی جاری رہے گی۔

بقیہ
34

700 آ گرجے دیکھے گئے ہیں اور 1100 کلو گرام اسلحہ برآمد ہوا۔ 25 اگست 2025 کو اجلاس منعقد ہوگا۔ مزید 12 افراد کو حراست میں لیا گیا اور 69

بقیہ
35

مقدمات درج کیے گئے۔ حکام کے مطابق کارروائی جاری رہے گی۔ 700 آ گرجے دیکھے گئے ہیں اور 1100 کلو گرام اسلحہ برآمد ہوا۔ 25 اگست 2025 کو اجلاس منعقد ہوگا۔ مزید 12 افراد کو حراست میں لیا گیا اور 69 مقدمات درج کیے گئے۔ حکام کے مطابق کارروائی جاری رہے گی۔ 700 آ گرجے دیکھے گئے ہیں اور 1100 کلو گرام اسلحہ

بقیہ
36

برآمد ہوا۔ 25 اگست 2025 کو اجلاس منعقد ہوگا۔ مزید 12 افراد کو حراست میں لیا گیا اور 69 مقدمات درج کیے گئے۔ حکام کے مطابق کارروائی جاری رہے گی۔ 700 آ گرجے دیکھے گئے ہیں اور 1100 کلو گرام اسلحہ برآمد ہوا۔ 25 اگست 2025 کو اجلاس منعقد ہوگا۔ مزید 12 افراد کو حراست میں لیا گیا اور 69

بقیہ
37

مقدمات درج کیے گئے۔ حکام کے مطابق کارروائی جاری رہے گی۔ 700 آ گرجے دیکھے گئے ہیں اور 1100 کلو گرام اسلحہ برآمد ہوا۔ 25 اگست 2025 کو اجلاس منعقد ہوگا۔ مزید 12 افراد کو حراست میں لیا گیا اور 69 مقدمات درج کیے گئے۔ حکام کے مطابق کارروائی جاری رہے گی۔ 700 آ گرجے دیکھے گئے ہیں اور

بقیہ
38

1100 کلو گرام اسلحہ برآمد ہوا۔ 25 اگست 2025 کو اجلاس منعقد ہوگا۔ مزید 12 افراد کو حراست میں لیا گیا اور 69 مقدمات درج کیے گئے۔ حکام کے مطابق کارروائی جاری رہے گی۔ 700 آ گرجے دیکھے گئے ہیں اور 1100 کلو گرام اسلحہ برآمد ہوا۔ 25 اگست 2025 کو اجلاس منعقد ہوگا۔ مزید 12 افراد کو

بقیہ
39

حراست میں لیا گیا اور 69 مقدمات درج کیے گئے۔ حکام کے مطابق کارروائی جاری رہے گی۔ 700 آ گرجے دیکھے گئے ہیں اور 1100 کلو گرام اسلحہ برآمد ہوا۔ 25 اگست 2025 کو اجلاس منعقد ہوگا۔ مزید 12 افراد کو حراست میں لیا گیا اور 69 مقدمات درج کیے گئے۔ حکام کے مطابق کارروائی جاری رہے گی۔ 700 آ گرجے دیکھے گئے ہیں اور 1100 کلو گرام اسلحہ برآمد ہوا۔ 25 اگست 2025 کو اجلاس منعقد ہوگا۔ مزید 12 افراد کو حراست میں لیا گیا اور 69 مقدمات درج کیے گئے۔ حکام کے مطابق کارروائی جاری رہے گی۔ 700 آ گرجے دیکھے گئے ہیں اور 1100 کلو گرام اسلحہ برآمد ہوا۔ 25 اگست 2025 کو اجلاس منعقد ہوگا۔ مزید 12 افراد کو حراست میں لیا گیا اور 69 مقدمات درج کیے گئے۔ حکام کے مطابق کارروائی جاری رہے گی۔ 700 آ گرجے دیکھے گئے ہیں اور 1100 کلو گرام اسلحہ برآمد ہوا۔ 25 اگست 2025 کو اجلاس منعقد ہوگا۔ مزید 12 افراد کو حراست میں لیا گیا اور 69 مقدمات درج کیے گئے۔ حکام کے مطابق کارروائی جاری رہے گی۔ 700 آ گرجے دیکھے گئے ہیں اور 1100 کلو گرام اسلحہ برآمد ہوا۔ 25 اگست 2025 کو اجلاس منعقد ہوگا۔ مزید 12 افراد کو حراست میں لیا گیا اور 69 مقدمات درج کیے گئے۔ حکام کے مطابق کارروائی جاری رہے گی۔ 700 آ گرجے دیکھے گئے ہیں اور 1100 کلو گرام اسلحہ برآمد ہوا۔ 25 اگست 2025 کو اجلاس منعقد ہوگا۔ مزید 12 افراد کو حراست میں لیا گیا اور 69 مقدمات درج کیے گئے۔ حکام کے مطابق کارروائی جاری رہے گی۔ 700 آ
